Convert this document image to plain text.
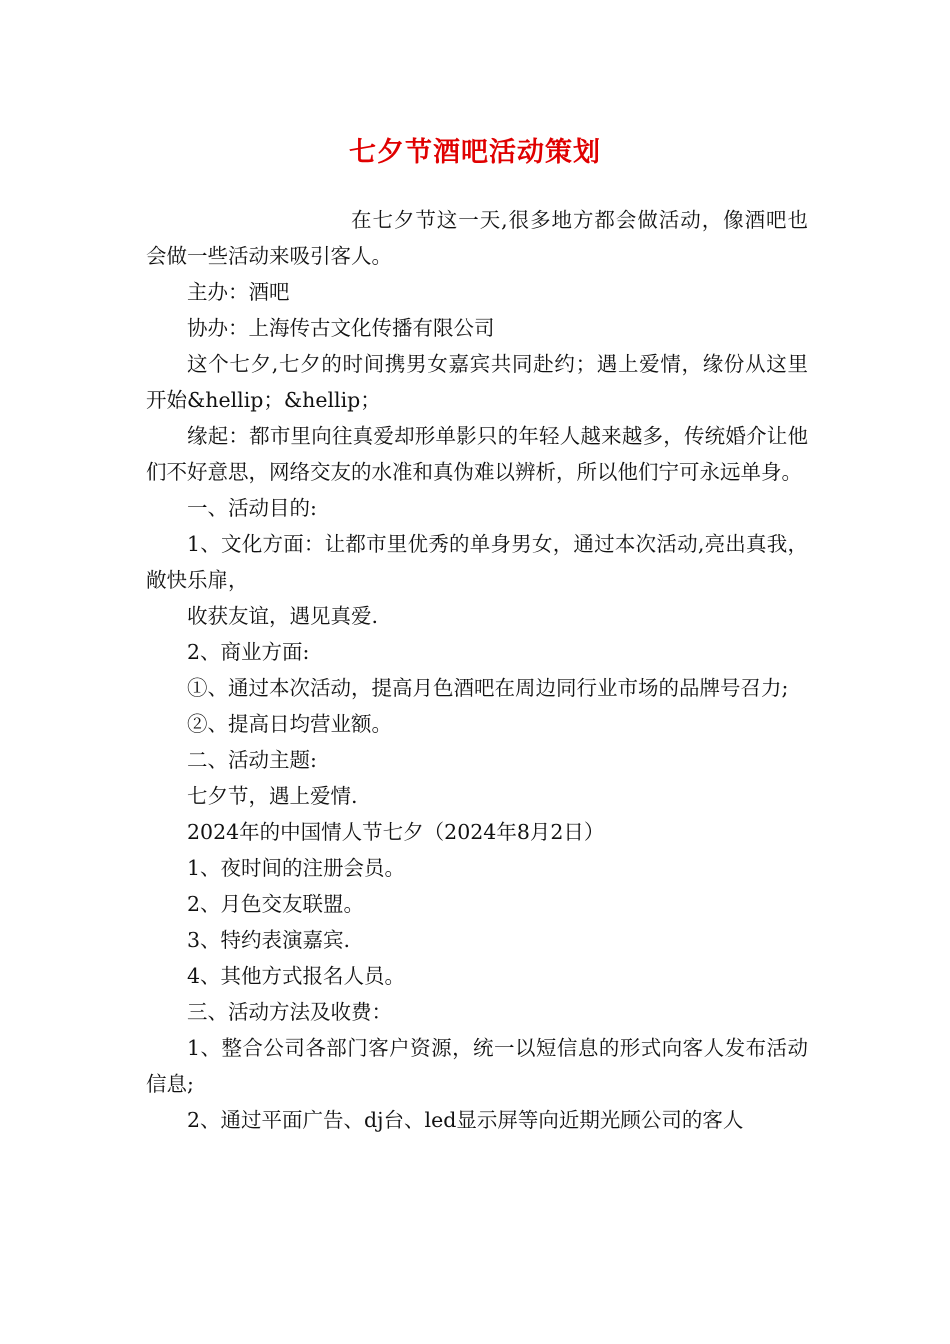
七夕节酒吧活动策划

在七夕节这一天,很多地方都会做活动，像酒吧也会做一些活动来吸引客人。

主办：酒吧

协办：上海传古文化传播有限公司

这个七夕,七夕的时间携男女嘉宾共同赴约；遇上爱情，缘份从这里开始&hellip；&hellip；

缘起：都市里向往真爱却形单影只的年轻人越来越多，传统婚介让他们不好意思，网络交友的水准和真伪难以辨析，所以他们宁可永远单身。

一、活动目的:

1、文化方面：让都市里优秀的单身男女，通过本次活动,亮出真我，敞快乐扉，

收获友谊，遇见真爱.

2、商业方面:

①、通过本次活动，提高月色酒吧在周边同行业市场的品牌号召力;

②、提高日均营业额。

二、活动主题:

七夕节，遇上爱情.

2024年的中国情人节七夕（2024年8月2日）

1、夜时间的注册会员。

2、月色交友联盟。

3、特约表演嘉宾.

4、其他方式报名人员。

三、活动方法及收费：

1、整合公司各部门客户资源，统一以短信息的形式向客人发布活动信息;

2、通过平面广告、dj台、led显示屏等向近期光顾公司的客人
